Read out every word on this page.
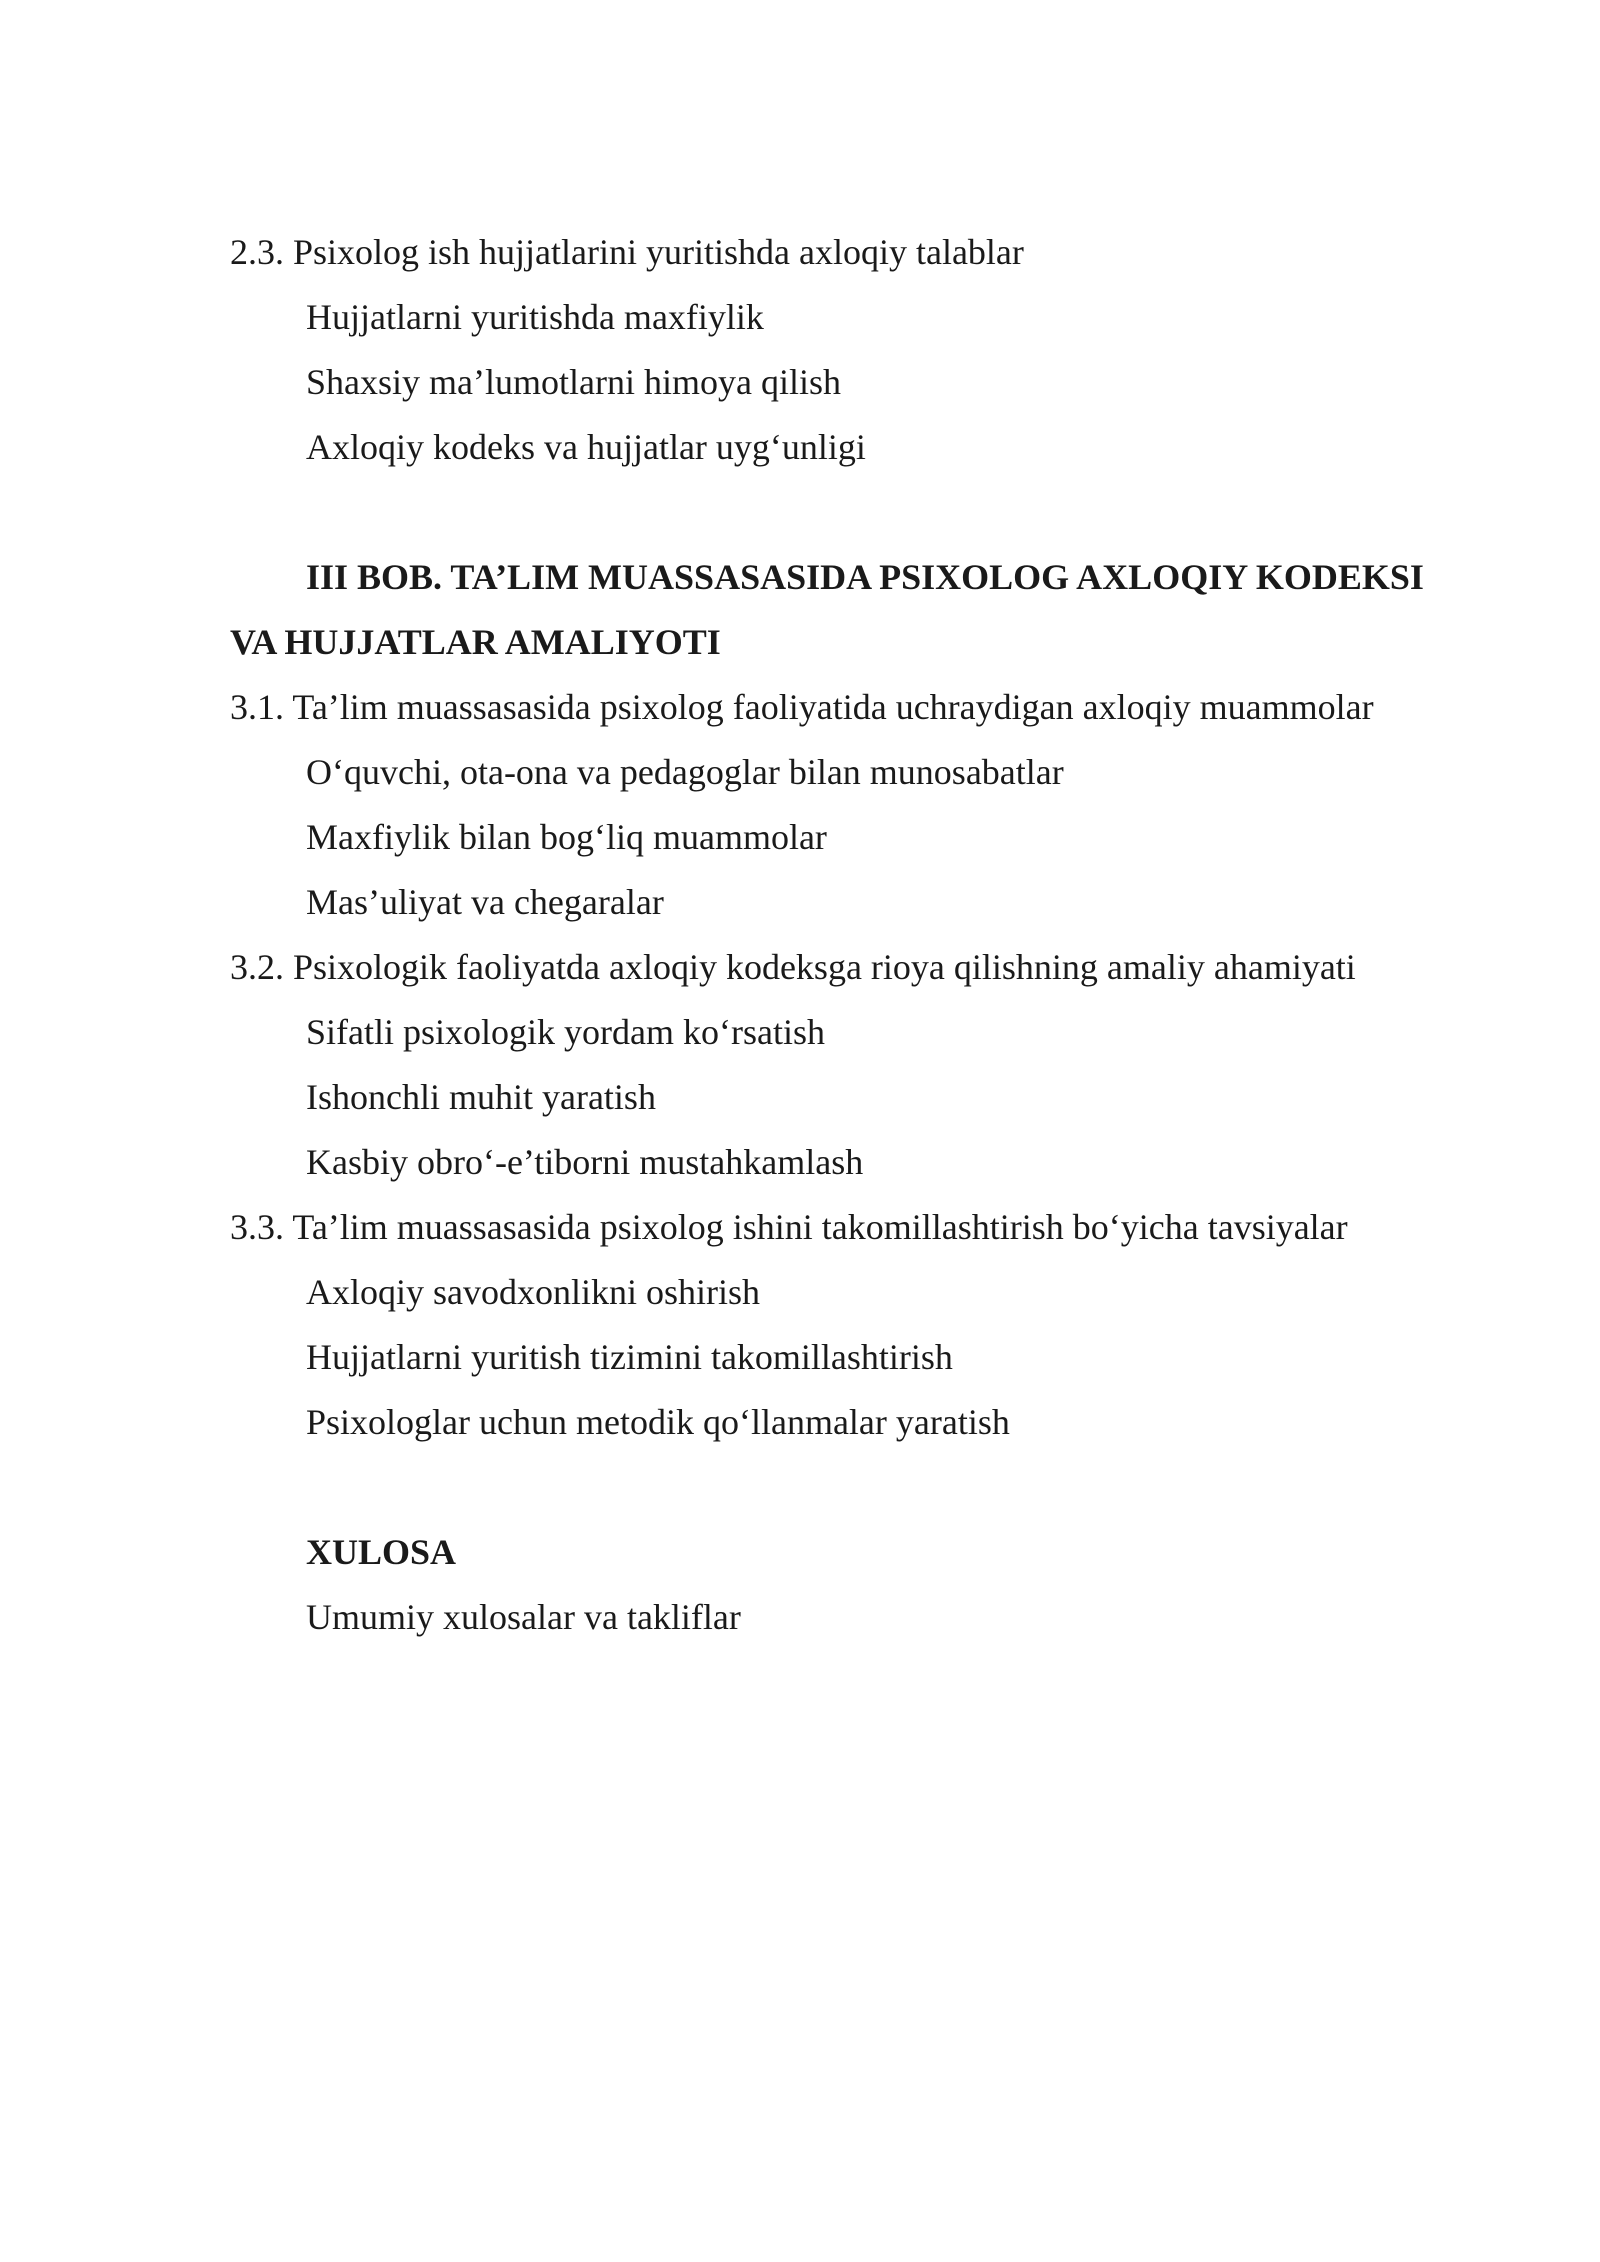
2.3. Psixolog ish hujjatlarini yuritishda axloqiy talablar
Hujjatlarni yuritishda maxfiylik
Shaxsiy ma’lumotlarni himoya qilish
Axloqiy kodeks va hujjatlar uyg‘unligi
III BOB. TA’LIM MUASSASASIDA PSIXOLOG AXLOQIY KODEKSI
VA HUJJATLAR AMALIYOTI
3.1. Ta’lim muassasasida psixolog faoliyatida uchraydigan axloqiy muammolar
O‘quvchi, ota-ona va pedagoglar bilan munosabatlar
Maxfiylik bilan bog‘liq muammolar
Mas’uliyat va chegaralar
3.2. Psixologik faoliyatda axloqiy kodeksga rioya qilishning amaliy ahamiyati
Sifatli psixologik yordam ko‘rsatish
Ishonchli muhit yaratish
Kasbiy obro‘-e’tiborni mustahkamlash
3.3. Ta’lim muassasasida psixolog ishini takomillashtirish bo‘yicha tavsiyalar
Axloqiy savodxonlikni oshirish
Hujjatlarni yuritish tizimini takomillashtirish
Psixologlar uchun metodik qo‘llanmalar yaratish
XULOSA
Umumiy xulosalar va takliflar
